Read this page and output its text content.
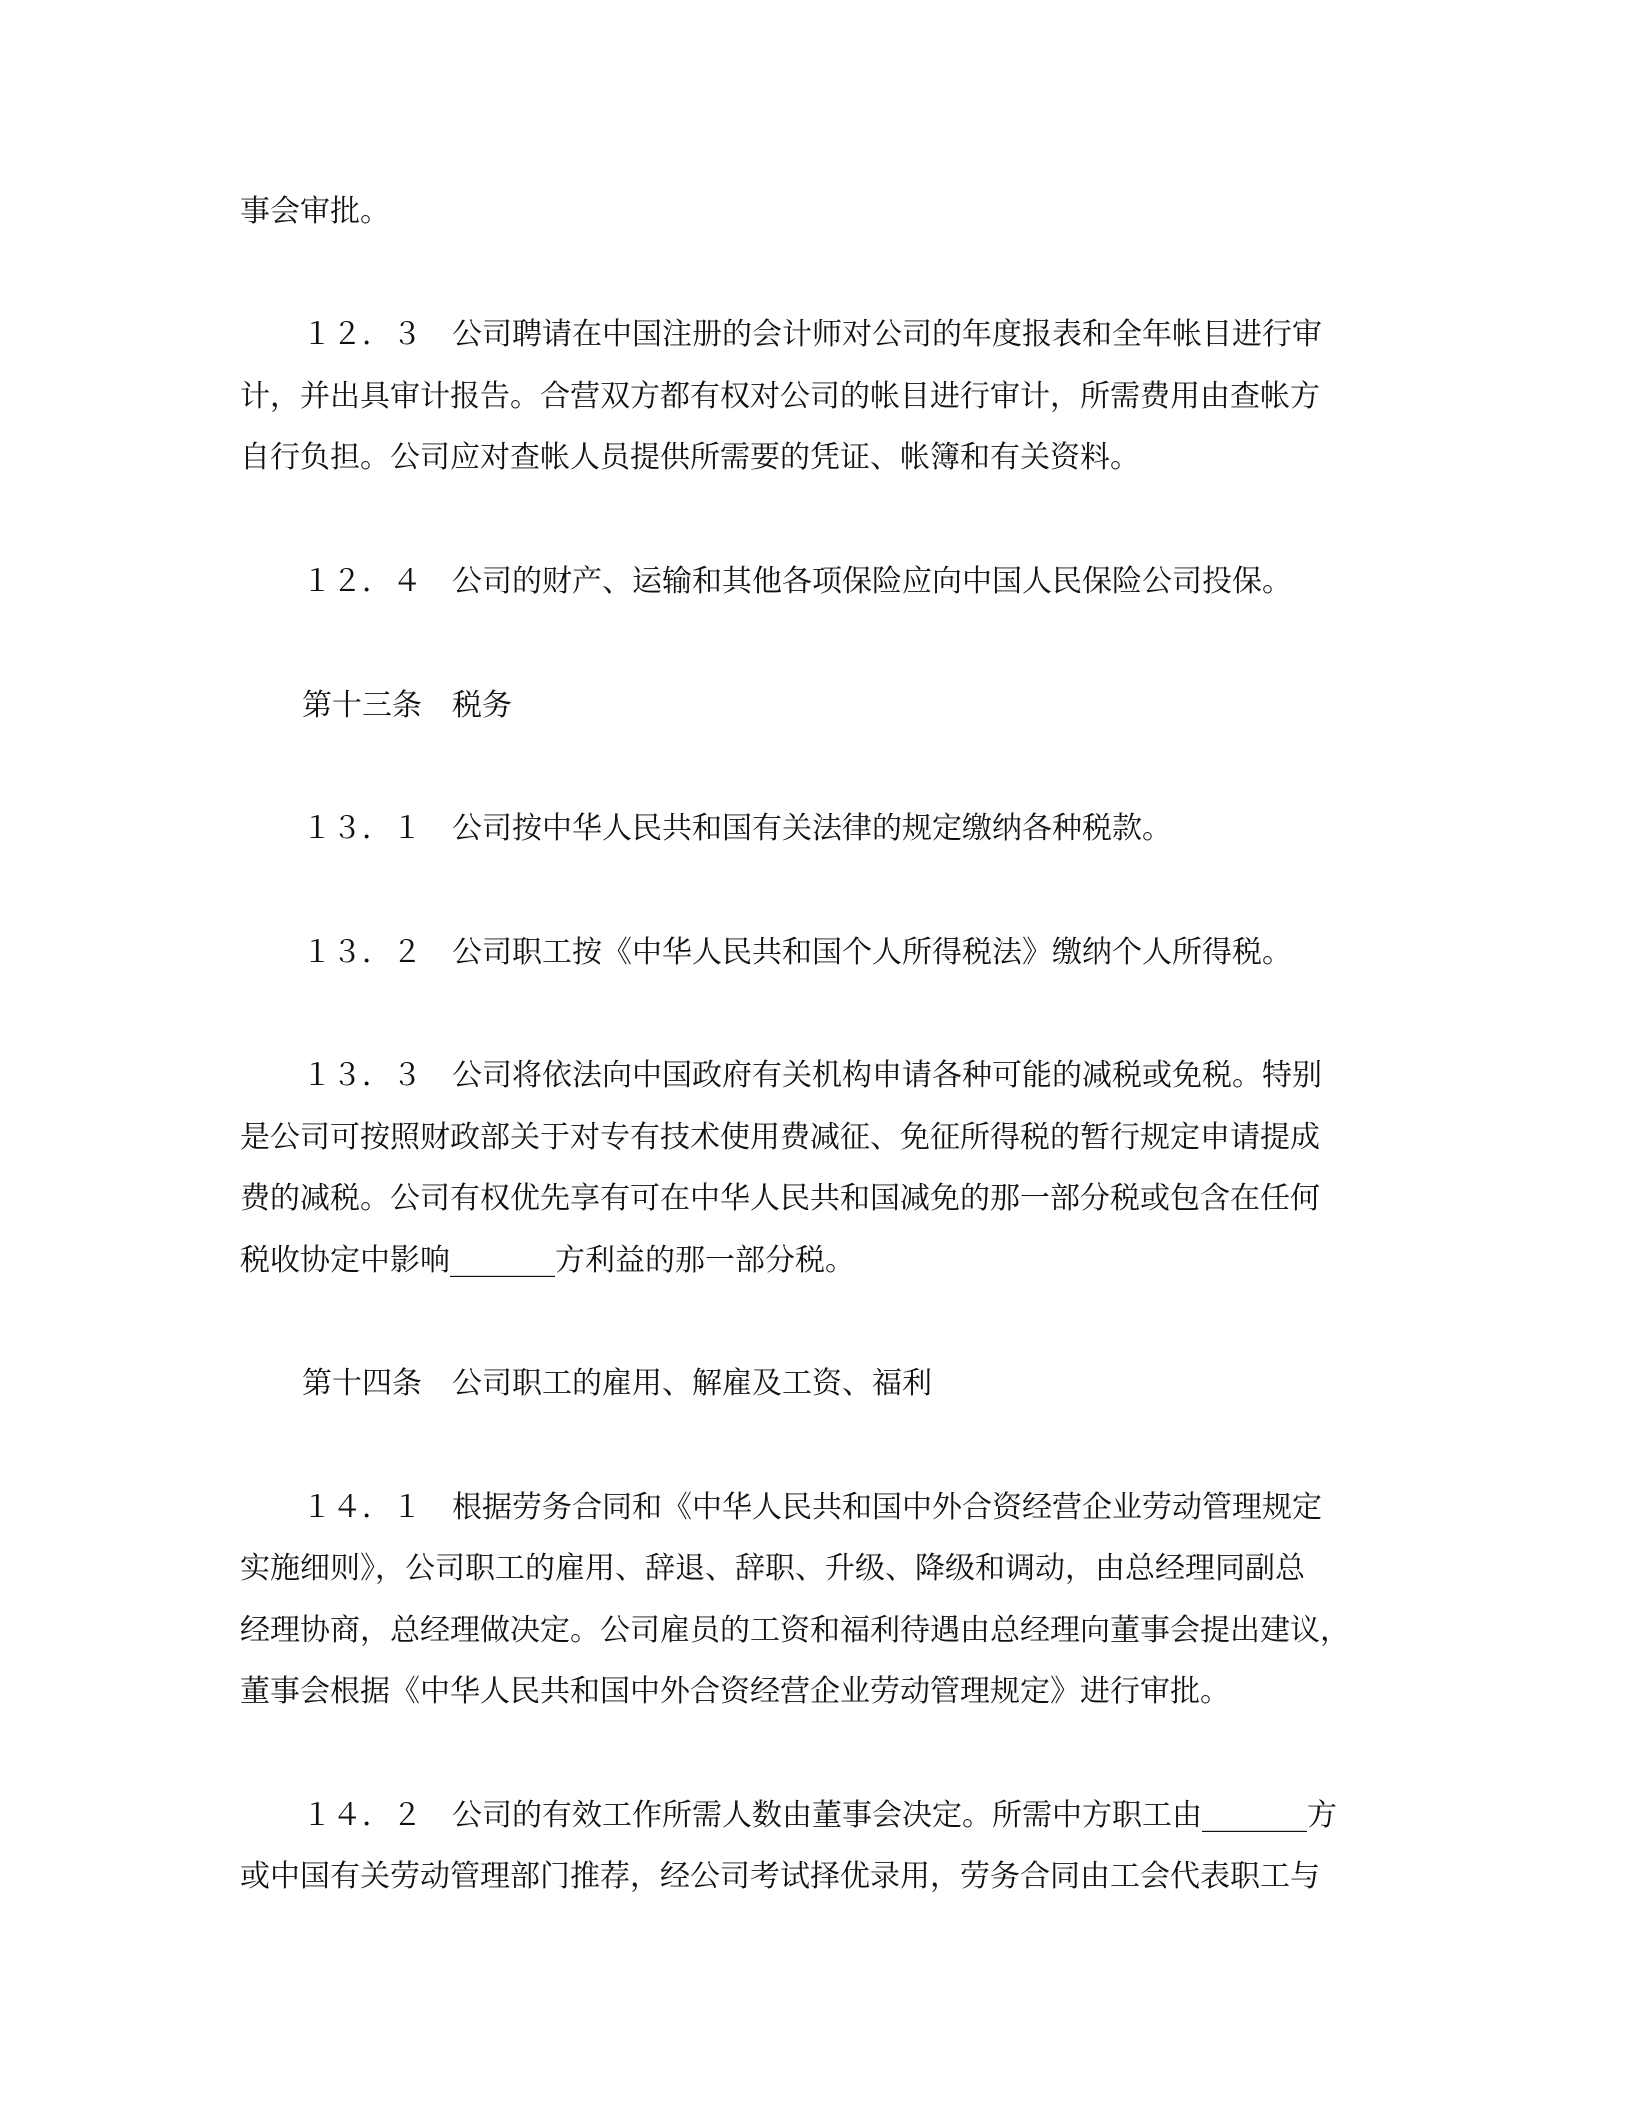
事会审批。
１２．３　公司聘请在中国注册的会计师对公司的年度报表和全年帐目进行审
计，并出具审计报告。合营双方都有权对公司的帐目进行审计，所需费用由查帐方
自行负担。公司应对查帐人员提供所需要的凭证、帐簿和有关资料。
１２．４　公司的财产、运输和其他各项保险应向中国人民保险公司投保。
第十三条　税务
１３．１　公司按中华人民共和国有关法律的规定缴纳各种税款。
１３．２　公司职工按《中华人民共和国个人所得税法》缴纳个人所得税。
１３．３　公司将依法向中国政府有关机构申请各种可能的减税或免税。特别
是公司可按照财政部关于对专有技术使用费减征、免征所得税的暂行规定申请提成
费的减税。公司有权优先享有可在中华人民共和国减免的那一部分税或包含在任何
税收协定中影响_______方利益的那一部分税。
第十四条　公司职工的雇用、解雇及工资、福利
１４．１　根据劳务合同和《中华人民共和国中外合资经营企业劳动管理规定
实施细则》，公司职工的雇用、辞退、辞职、升级、降级和调动，由总经理同副总
经理协商，总经理做决定。公司雇员的工资和福利待遇由总经理向董事会提出建议，
董事会根据《中华人民共和国中外合资经营企业劳动管理规定》进行审批。
１４．２　公司的有效工作所需人数由董事会决定。所需中方职工由_______方
或中国有关劳动管理部门推荐，经公司考试择优录用，劳务合同由工会代表职工与
